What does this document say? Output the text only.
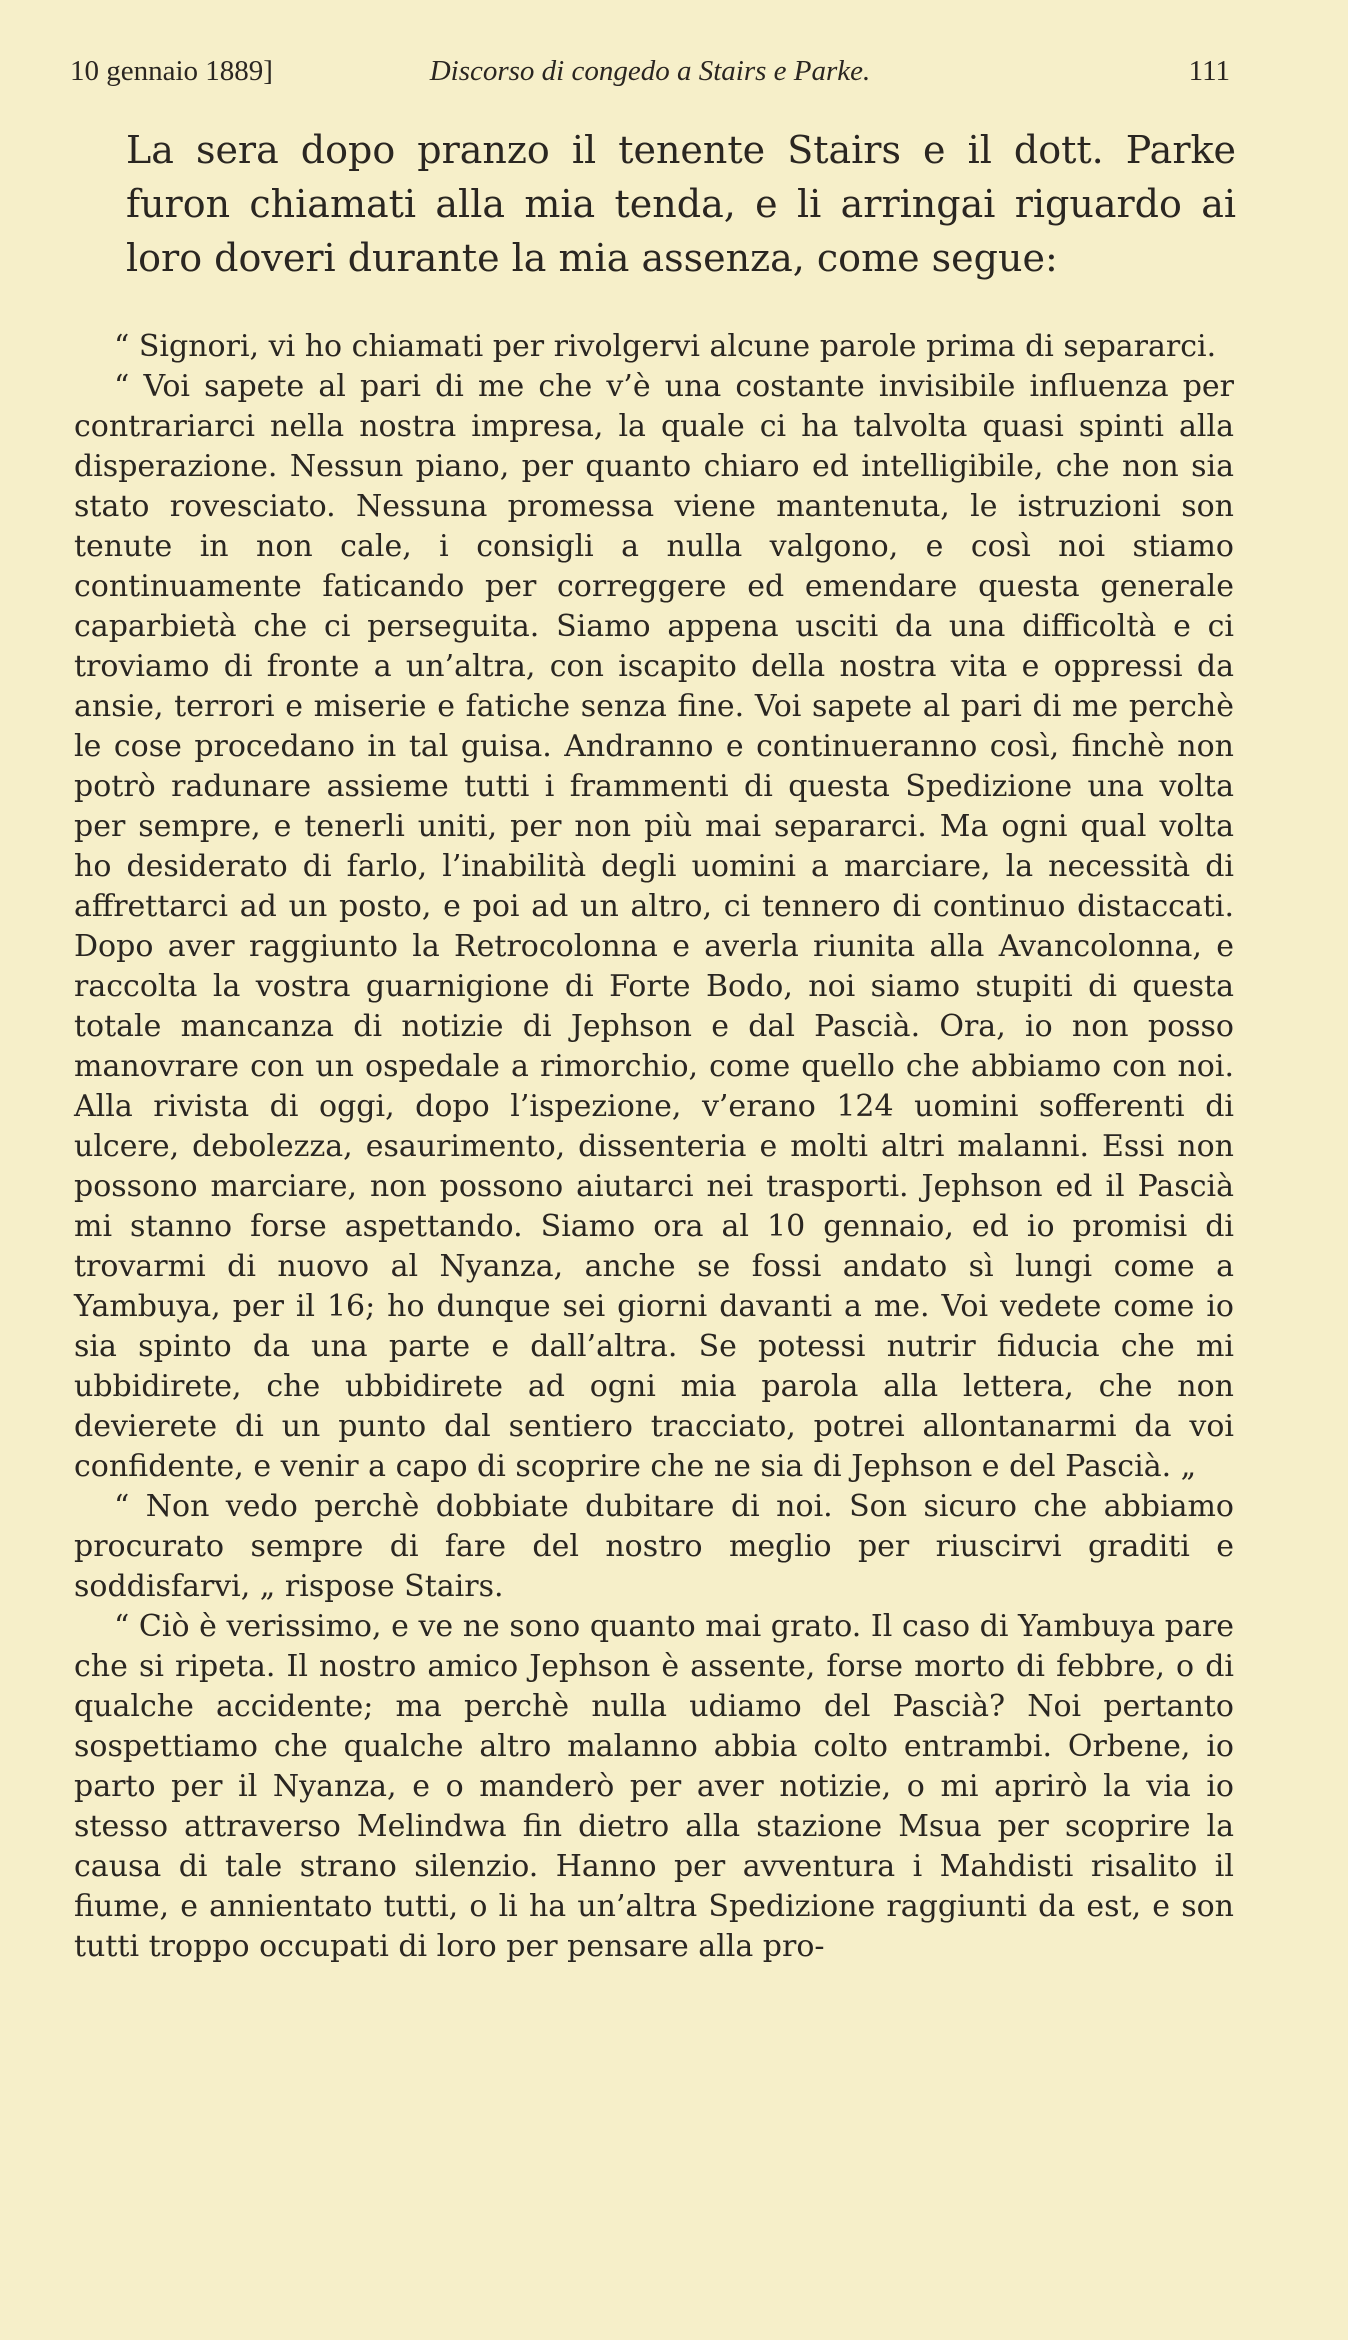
10 gennaio 1889]	Discorso di congedo a Stairs e Parke.	111

La sera dopo pranzo il tenente Stairs e il dott. Parke furon chiamati alla mia tenda, e li arringai riguardo ai loro doveri durante la mia assenza, come segue:

“ Signori, vi ho chiamati per rivolgervi alcune parole prima di separarci.

“ Voi sapete al pari di me che v’è una costante invisibile influenza per contrariarci nella nostra impresa, la quale ci ha talvolta quasi spinti alla disperazione. Nessun piano, per quanto chiaro ed intelligibile, che non sia stato rovesciato. Nessuna promessa viene mantenuta, le istruzioni son tenute in non cale, i consigli a nulla valgono, e così noi stiamo continuamente faticando per correggere ed emendare questa generale caparbietà che ci perseguita. Siamo appena usciti da una difficoltà e ci troviamo di fronte a un’altra, con iscapito della nostra vita e oppressi da ansie, terrori e miserie e fatiche senza fine. Voi sapete al pari di me perchè le cose procedano in tal guisa. Andranno e continueranno così, finchè non potrò radunare assieme tutti i frammenti di questa Spedizione una volta per sempre, e tenerli uniti, per non più mai separarci. Ma ogni qual volta ho desiderato di farlo, l’inabilità degli uomini a marciare, la necessità di affrettarci ad un posto, e poi ad un altro, ci tennero di continuo distaccati. Dopo aver raggiunto la Retrocolonna e averla riunita alla Avancolonna, e raccolta la vostra guarnigione di Forte Bodo, noi siamo stupiti di questa totale mancanza di notizie di Jephson e dal Pascià. Ora, io non posso manovrare con un ospedale a rimorchio, come quello che abbiamo con noi. Alla rivista di oggi, dopo l’ispezione, v’erano 124 uomini sofferenti di ulcere, debolezza, esaurimento, dissenteria e molti altri malanni. Essi non possono marciare, non possono aiutarci nei trasporti. Jephson ed il Pascià mi stanno forse aspettando. Siamo ora al 10 gennaio, ed io promisi di trovarmi di nuovo al Nyanza, anche se fossi andato sì lungi come a Yambuya, per il 16; ho dunque sei giorni davanti a me. Voi vedete come io sia spinto da una parte e dall’altra. Se potessi nutrir fiducia che mi ubbidirete, che ubbidirete ad ogni mia parola alla lettera, che non devierete di un punto dal sentiero tracciato, potrei allontanarmi da voi confidente, e venir a capo di scoprire che ne sia di Jephson e del Pascià. „

“ Non vedo perchè dobbiate dubitare di noi. Son sicuro che abbiamo procurato sempre di fare del nostro meglio per riuscirvi graditi e soddisfarvi, „ rispose Stairs.

“ Ciò è verissimo, e ve ne sono quanto mai grato. Il caso di Yambuya pare che si ripeta. Il nostro amico Jephson è assente, forse morto di febbre, o di qualche accidente; ma perchè nulla udiamo del Pascià? Noi pertanto sospettiamo che qualche altro malanno abbia colto entrambi. Orbene, io parto per il Nyanza, e o manderò per aver notizie, o mi aprirò la via io stesso attraverso Melindwa fin dietro alla stazione Msua per scoprire la causa di tale strano silenzio. Hanno per avventura i Mahdisti risalito il fiume, e annientato tutti, o li ha un’altra Spedizione raggiunti da est, e son tutti troppo occupati di loro per pensare alla pro-
